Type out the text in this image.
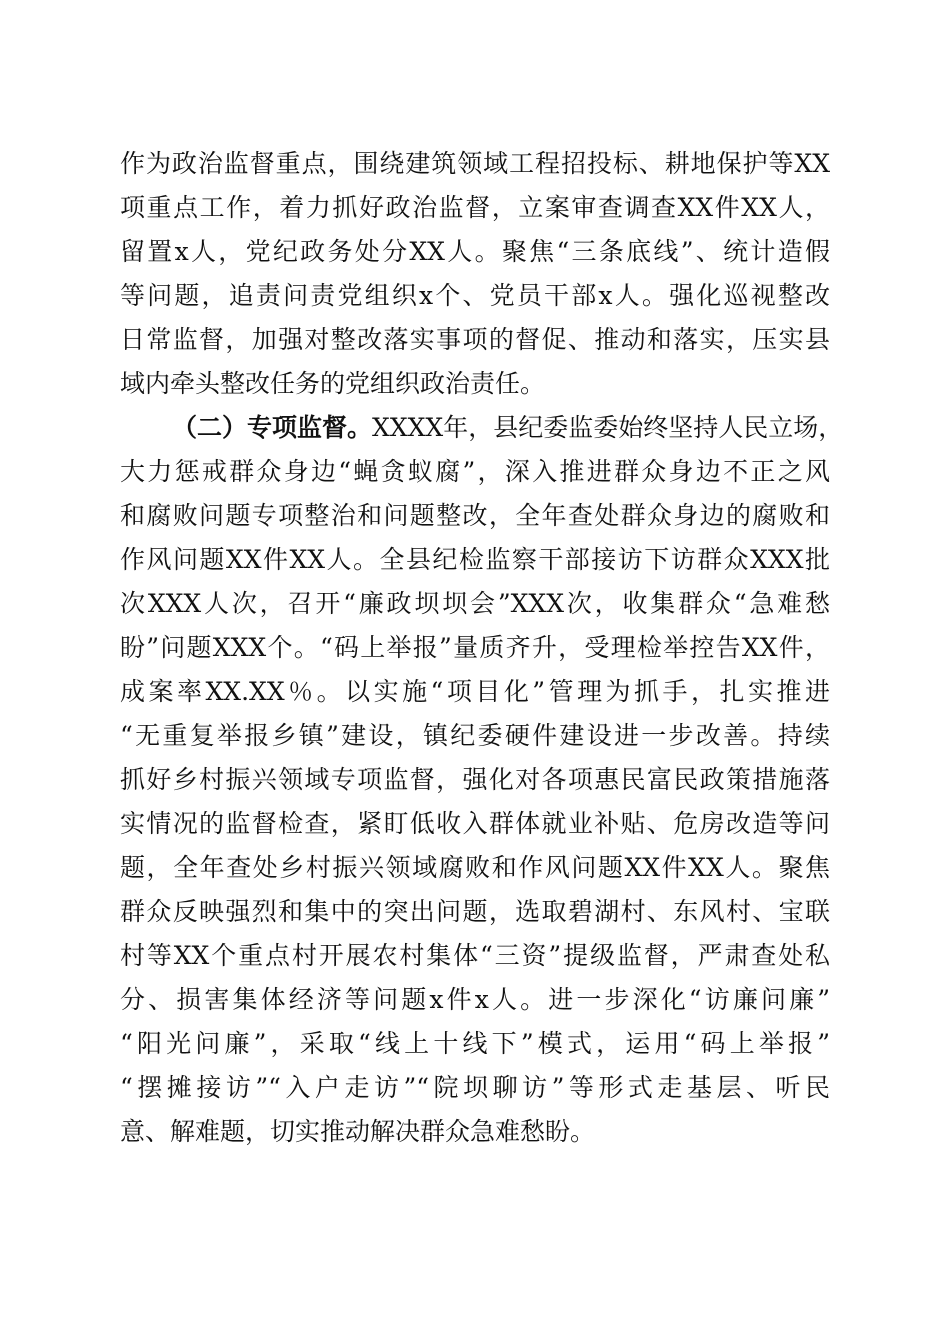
作为政治监督重点，围绕建筑领域工程招投标、耕地保护等XX
项重点工作，着力抓好政治监督，立案审查调查XX件XX人，
留置x人，党纪政务处分XX人。聚焦“三条底线”、统计造假
等问题，追责问责党组织x个、党员干部x人。强化巡视整改
日常监督，加强对整改落实事项的督促、推动和落实，压实县
域内牵头整改任务的党组织政治责任。
（二）专项监督。XXXX年，县纪委监委始终坚持人民立场，
大力惩戒群众身边“蝇贪蚁腐”，深入推进群众身边不正之风
和腐败问题专项整治和问题整改，全年查处群众身边的腐败和
作风问题XX件XX人。全县纪检监察干部接访下访群众XXX批
次XXX人次，召开“廉政坝坝会”XXX次，收集群众“急难愁
盼”问题XXX个。“码上举报”量质齐升，受理检举控告XX件，
成案率XX.XX％。以实施“项目化”管理为抓手，扎实推进
“无重复举报乡镇”建设，镇纪委硬件建设进一步改善。持续
抓好乡村振兴领域专项监督，强化对各项惠民富民政策措施落
实情况的监督检查，紧盯低收入群体就业补贴、危房改造等问
题，全年查处乡村振兴领域腐败和作风问题XX件XX人。聚焦
群众反映强烈和集中的突出问题，选取碧湖村、东风村、宝联
村等XX个重点村开展农村集体“三资”提级监督，严肃查处私
分、损害集体经济等问题x件x人。进一步深化“访廉问廉”
“阳光问廉”，采取“线上十线下”模式，运用“码上举报”
“摆摊接访”“入户走访”“院坝聊访”等形式走基层、听民
意、解难题，切实推动解决群众急难愁盼。
